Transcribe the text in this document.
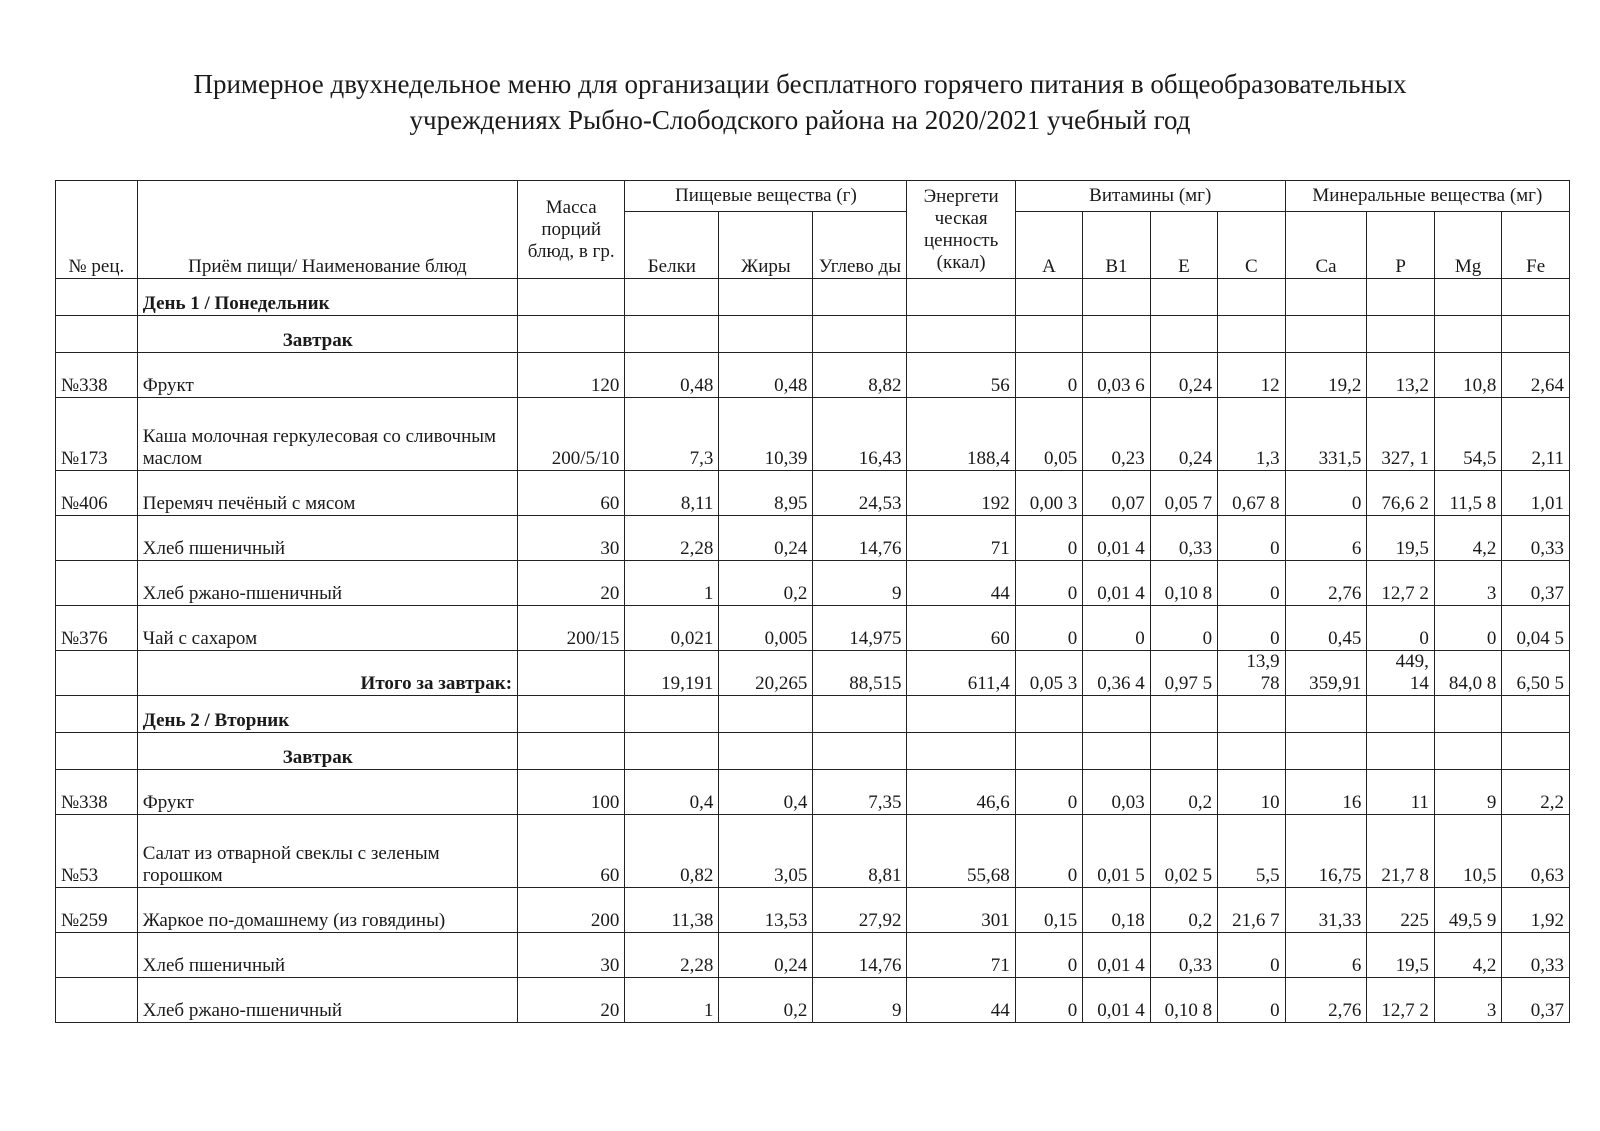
Примерное двухнедельное меню для организации бесплатного горячего питания в общеобразовательных
учреждениях Рыбно-Слободского района на 2020/2021 учебный год
№ рец.	Приём пищи/ Наименование блюд	Масса порций блюд, в гр.	Пищевые вещества (г)			Энергети ческая ценность (ккал)	Витамины (мг)				Минеральные вещества (мг)			
			Белки	Жиры	Углево ды		A	B1	E	C	Ca	P	Mg	Fe
	День 1 / Понедельник													
	Завтрак													
№338	Фрукт	120	0,48	0,48	8,82	56	0	0,03 6	0,24	12	19,2	13,2	10,8	2,64
№173	Каша молочная геркулесовая со сливочным маслом	200/5/10	7,3	10,39	16,43	188,4	0,05	0,23	0,24	1,3	331,5	327, 1	54,5	2,11
№406	Перемяч печёный с мясом	60	8,11	8,95	24,53	192	0,00 3	0,07	0,05 7	0,67 8	0	76,6 2	11,5 8	1,01
	Хлеб пшеничный	30	2,28	0,24	14,76	71	0	0,01 4	0,33	0	6	19,5	4,2	0,33
	Хлеб ржано-пшеничный	20	1	0,2	9	44	0	0,01 4	0,10 8	0	2,76	12,7 2	3	0,37
№376	Чай с сахаром	200/15	0,021	0,005	14,975	60	0	0	0	0	0,45	0	0	0,04 5
	Итого за завтрак:		19,191	20,265	88,515	611,4	0,05 3	0,36 4	0,97 5	13,9 78	359,91	449, 14	84,0 8	6,50 5
	День 2 / Вторник													
	Завтрак													
№338	Фрукт	100	0,4	0,4	7,35	46,6	0	0,03	0,2	10	16	11	9	2,2
№53	Салат из отварной свеклы с зеленым горошком	60	0,82	3,05	8,81	55,68	0	0,01 5	0,02 5	5,5	16,75	21,7 8	10,5	0,63
№259	Жаркое по-домашнему (из говядины)	200	11,38	13,53	27,92	301	0,15	0,18	0,2	21,6 7	31,33	225	49,5 9	1,92
	Хлеб пшеничный	30	2,28	0,24	14,76	71	0	0,01 4	0,33	0	6	19,5	4,2	0,33
	Хлеб ржано-пшеничный	20	1	0,2	9	44	0	0,01 4	0,10 8	0	2,76	12,7 2	3	0,37
